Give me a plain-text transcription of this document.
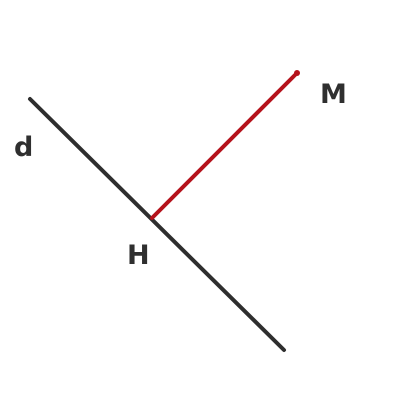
d
H
M
